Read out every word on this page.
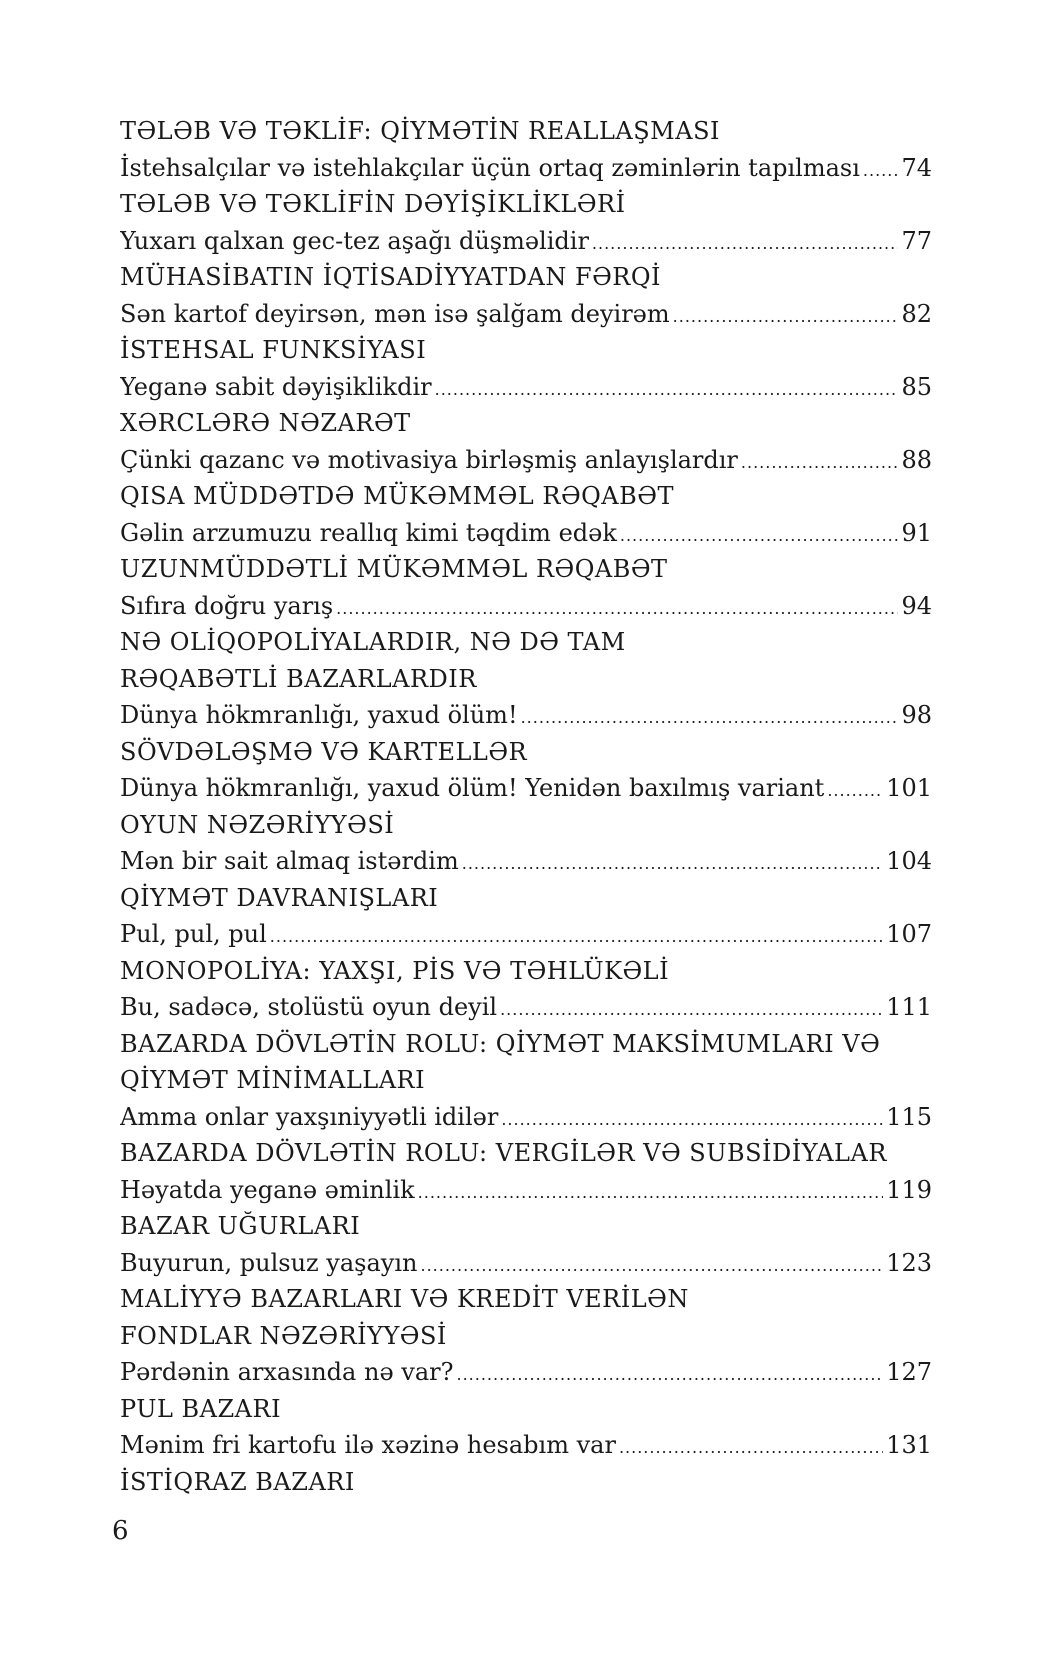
TƏLƏB VƏ TƏKLİF: QİYMƏTİN REALLAŞMASI
İstehsalçılar və istehlakçılar üçün ortaq zəminlərin tapılması ..... 74
TƏLƏB VƏ TƏKLİFİN DƏYİŞİKLİKLƏRİ
Yuxarı qalxan gec-tez aşağı düşməlidir .....	77
MÜHASİBATIN İQTİSADİYYATDAN FƏRQİ
Sən kartof deyirsən, mən isə şalğam deyirəm .....	82
İSTEHSAL FUNKSİYASI
Yeganə sabit dəyişiklikdir .....	85
XƏRCLƏRƏ NƏZARƏT
Çünki qazanc və motivasiya birləşmiş anlayışlardır .....	88
QISA MÜDDƏTDƏ MÜKƏMMƏL RƏQABƏT
Gəlin arzumuzu reallıq kimi təqdim edək .....	91
UZUNMÜDDƏTLİ MÜKƏMMƏL RƏQABƏT
Sıfıra doğru yarış .....	94
NƏ OLİQOPOLİYALARDIR, NƏ DƏ TAM
RƏQABƏTLİ BAZARLARDIR
Dünya hökmranlığı, yaxud ölüm! .....	98
SÖVDƏLƏŞMƏ VƏ KARTELLƏR
Dünya hökmranlığı, yaxud ölüm! Yenidən baxılmış variant .....	101
OYUN NƏZƏRİYYƏSİ
Mən bir sait almaq istərdim .....	104
QİYMƏT DAVRANIŞLARI
Pul, pul, pul .....	107
MONOPOLİYA: YAXŞI, PİS VƏ TƏHLÜKƏLİ
Bu, sadəcə, stolüstü oyun deyil .....	111
BAZARDA DÖVLƏTİN ROLU: QİYMƏT MAKSİMUMLARI VƏ
QİYMƏT MİNİMALLARI
Amma onlar yaxşıniyyətli idilər .....	115
BAZARDA DÖVLƏTİN ROLU: VERGİLƏR VƏ SUBSİDİYALAR
Həyatda yeganə əminlik .....	119
BAZAR UĞURLARI
Buyurun, pulsuz yaşayın .....	123
MALİYYƏ BAZARLARI VƏ KREDİT VERİLƏN
FONDLAR NƏZƏRİYYƏSİ
Pərdənin arxasında nə var? .....	127
PUL BAZARI
Mənim fri kartofu ilə xəzinə hesabım var .....	131
İSTİQRAZ BAZARI
6
